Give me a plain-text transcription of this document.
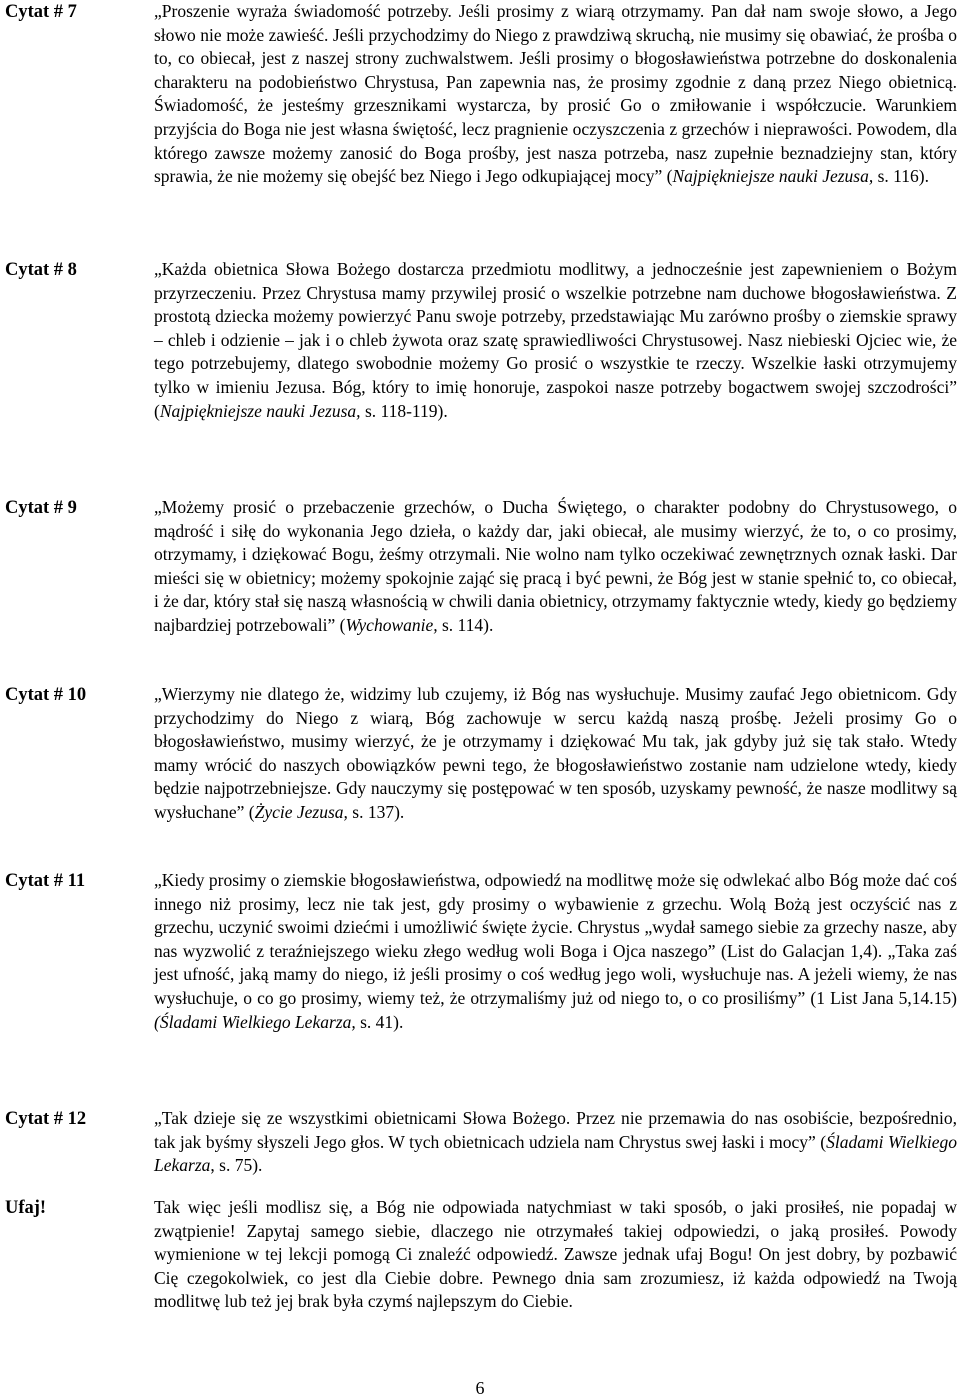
Cytat # 7	„Proszenie wyraża świadomość potrzeby. Jeśli prosimy z wiarą otrzymamy. Pan dał nam swoje słowo, a Jego słowo nie może zawieść. Jeśli przychodzimy do Niego z prawdziwą skruchą, nie musimy się obawiać, że prośba o to, co obiecał, jest z naszej strony zuchwalstwem. Jeśli prosimy o błogosławieństwa potrzebne do doskonalenia charakteru na podobieństwo Chrystusa, Pan zapewnia nas, że prosimy zgodnie z daną przez Niego obietnicą. Świadomość, że jesteśmy grzesznikami wystarcza, by prosić Go o zmiłowanie i współczucie. Warunkiem przyjścia do Boga nie jest własna świętość, lecz pragnienie oczyszczenia z grzechów i nieprawości. Powodem, dla którego zawsze możemy zanosić do Boga prośby, jest nasza potrzeba, nasz zupełnie beznadziejny stan, który sprawia, że nie możemy się obejść bez Niego i Jego odkupiającej mocy” (Najpiękniejsze nauki Jezusa, s. 116).

Cytat # 8	„Każda obietnica Słowa Bożego dostarcza przedmiotu modlitwy, a jednocześnie jest zapewnieniem o Bożym przyrzeczeniu. Przez Chrystusa mamy przywilej prosić o wszelkie potrzebne nam duchowe błogosławieństwa. Z prostotą dziecka możemy powierzyć Panu swoje potrzeby, przedstawiając Mu zarówno prośby o ziemskie sprawy – chleb i odzienie – jak i o chleb żywota oraz szatę sprawiedliwości Chrystusowej. Nasz niebieski Ojciec wie, że tego potrzebujemy, dlatego swobodnie możemy Go prosić o wszystkie te rzeczy. Wszelkie łaski otrzymujemy tylko w imieniu Jezusa. Bóg, który to imię honoruje, zaspokoi nasze potrzeby bogactwem swojej szczodrości” (Najpiękniejsze nauki Jezusa, s. 118-119).

Cytat # 9	„Możemy prosić o przebaczenie grzechów, o Ducha Świętego, o charakter podobny do Chrystusowego, o mądrość i siłę do wykonania Jego dzieła, o każdy dar, jaki obiecał, ale musimy wierzyć, że to, o co prosimy, otrzymamy, i dziękować Bogu, żeśmy otrzymali. Nie wolno nam tylko oczekiwać zewnętrznych oznak łaski. Dar mieści się w obietnicy; możemy spokojnie zająć się pracą i być pewni, że Bóg jest w stanie spełnić to, co obiecał, i że dar, który stał się naszą własnością w chwili dania obietnicy, otrzymamy faktycznie wtedy, kiedy go będziemy najbardziej potrzebowali” (Wychowanie, s. 114).

Cytat # 10	„Wierzymy nie dlatego że, widzimy lub czujemy, iż Bóg nas wysłuchuje. Musimy zaufać Jego obietnicom. Gdy przychodzimy do Niego z wiarą, Bóg zachowuje w sercu każdą naszą prośbę. Jeżeli prosimy Go o błogosławieństwo, musimy wierzyć, że je otrzymamy i dziękować Mu tak, jak gdyby już się tak stało. Wtedy mamy wrócić do naszych obowiązków pewni tego, że błogosławieństwo zostanie nam udzielone wtedy, kiedy będzie najpotrzebniejsze. Gdy nauczymy się postępować w ten sposób, uzyskamy pewność, że nasze modlitwy są wysłuchane” (Życie Jezusa, s. 137).

Cytat # 11	„Kiedy prosimy o ziemskie błogosławieństwa, odpowiedź na modlitwę może się odwlekać albo Bóg może dać coś innego niż prosimy, lecz nie tak jest, gdy prosimy o wybawienie z grzechu. Wolą Bożą jest oczyścić nas z grzechu, uczynić swoimi dziećmi i umożliwić święte życie. Chrystus „wydał samego siebie za grzechy nasze, aby nas wyzwolić z teraźniejszego wieku złego według woli Boga i Ojca naszego” (List do Galacjan 1,4). „Taka zaś jest ufność, jaką mamy do niego, iż jeśli prosimy o coś według jego woli, wysłuchuje nas. A jeżeli wiemy, że nas wysłuchuje, o co go prosimy, wiemy też, że otrzymaliśmy już od niego to, o co prosiliśmy” (1 List Jana 5,14.15) (Śladami Wielkiego Lekarza, s. 41).

Cytat # 12	„Tak dzieje się ze wszystkimi obietnicami Słowa Bożego. Przez nie przemawia do nas osobiście, bezpośrednio, tak jak byśmy słyszeli Jego głos. W tych obietnicach udziela nam Chrystus swej łaski i mocy” (Śladami Wielkiego Lekarza, s. 75).

Ufaj!	Tak więc jeśli modlisz się, a Bóg nie odpowiada natychmiast w taki sposób, o jaki prosiłeś, nie popadaj w zwątpienie! Zapytaj samego siebie, dlaczego nie otrzymałeś takiej odpowiedzi, o jaką prosiłeś. Powody wymienione w tej lekcji pomogą Ci znaleźć odpowiedź. Zawsze jednak ufaj Bogu! On jest dobry, by pozbawić Cię czegokolwiek, co jest dla Ciebie dobre. Pewnego dnia sam zrozumiesz, iż każda odpowiedź na Twoją modlitwę lub też jej brak była czymś najlepszym do Ciebie.

6
